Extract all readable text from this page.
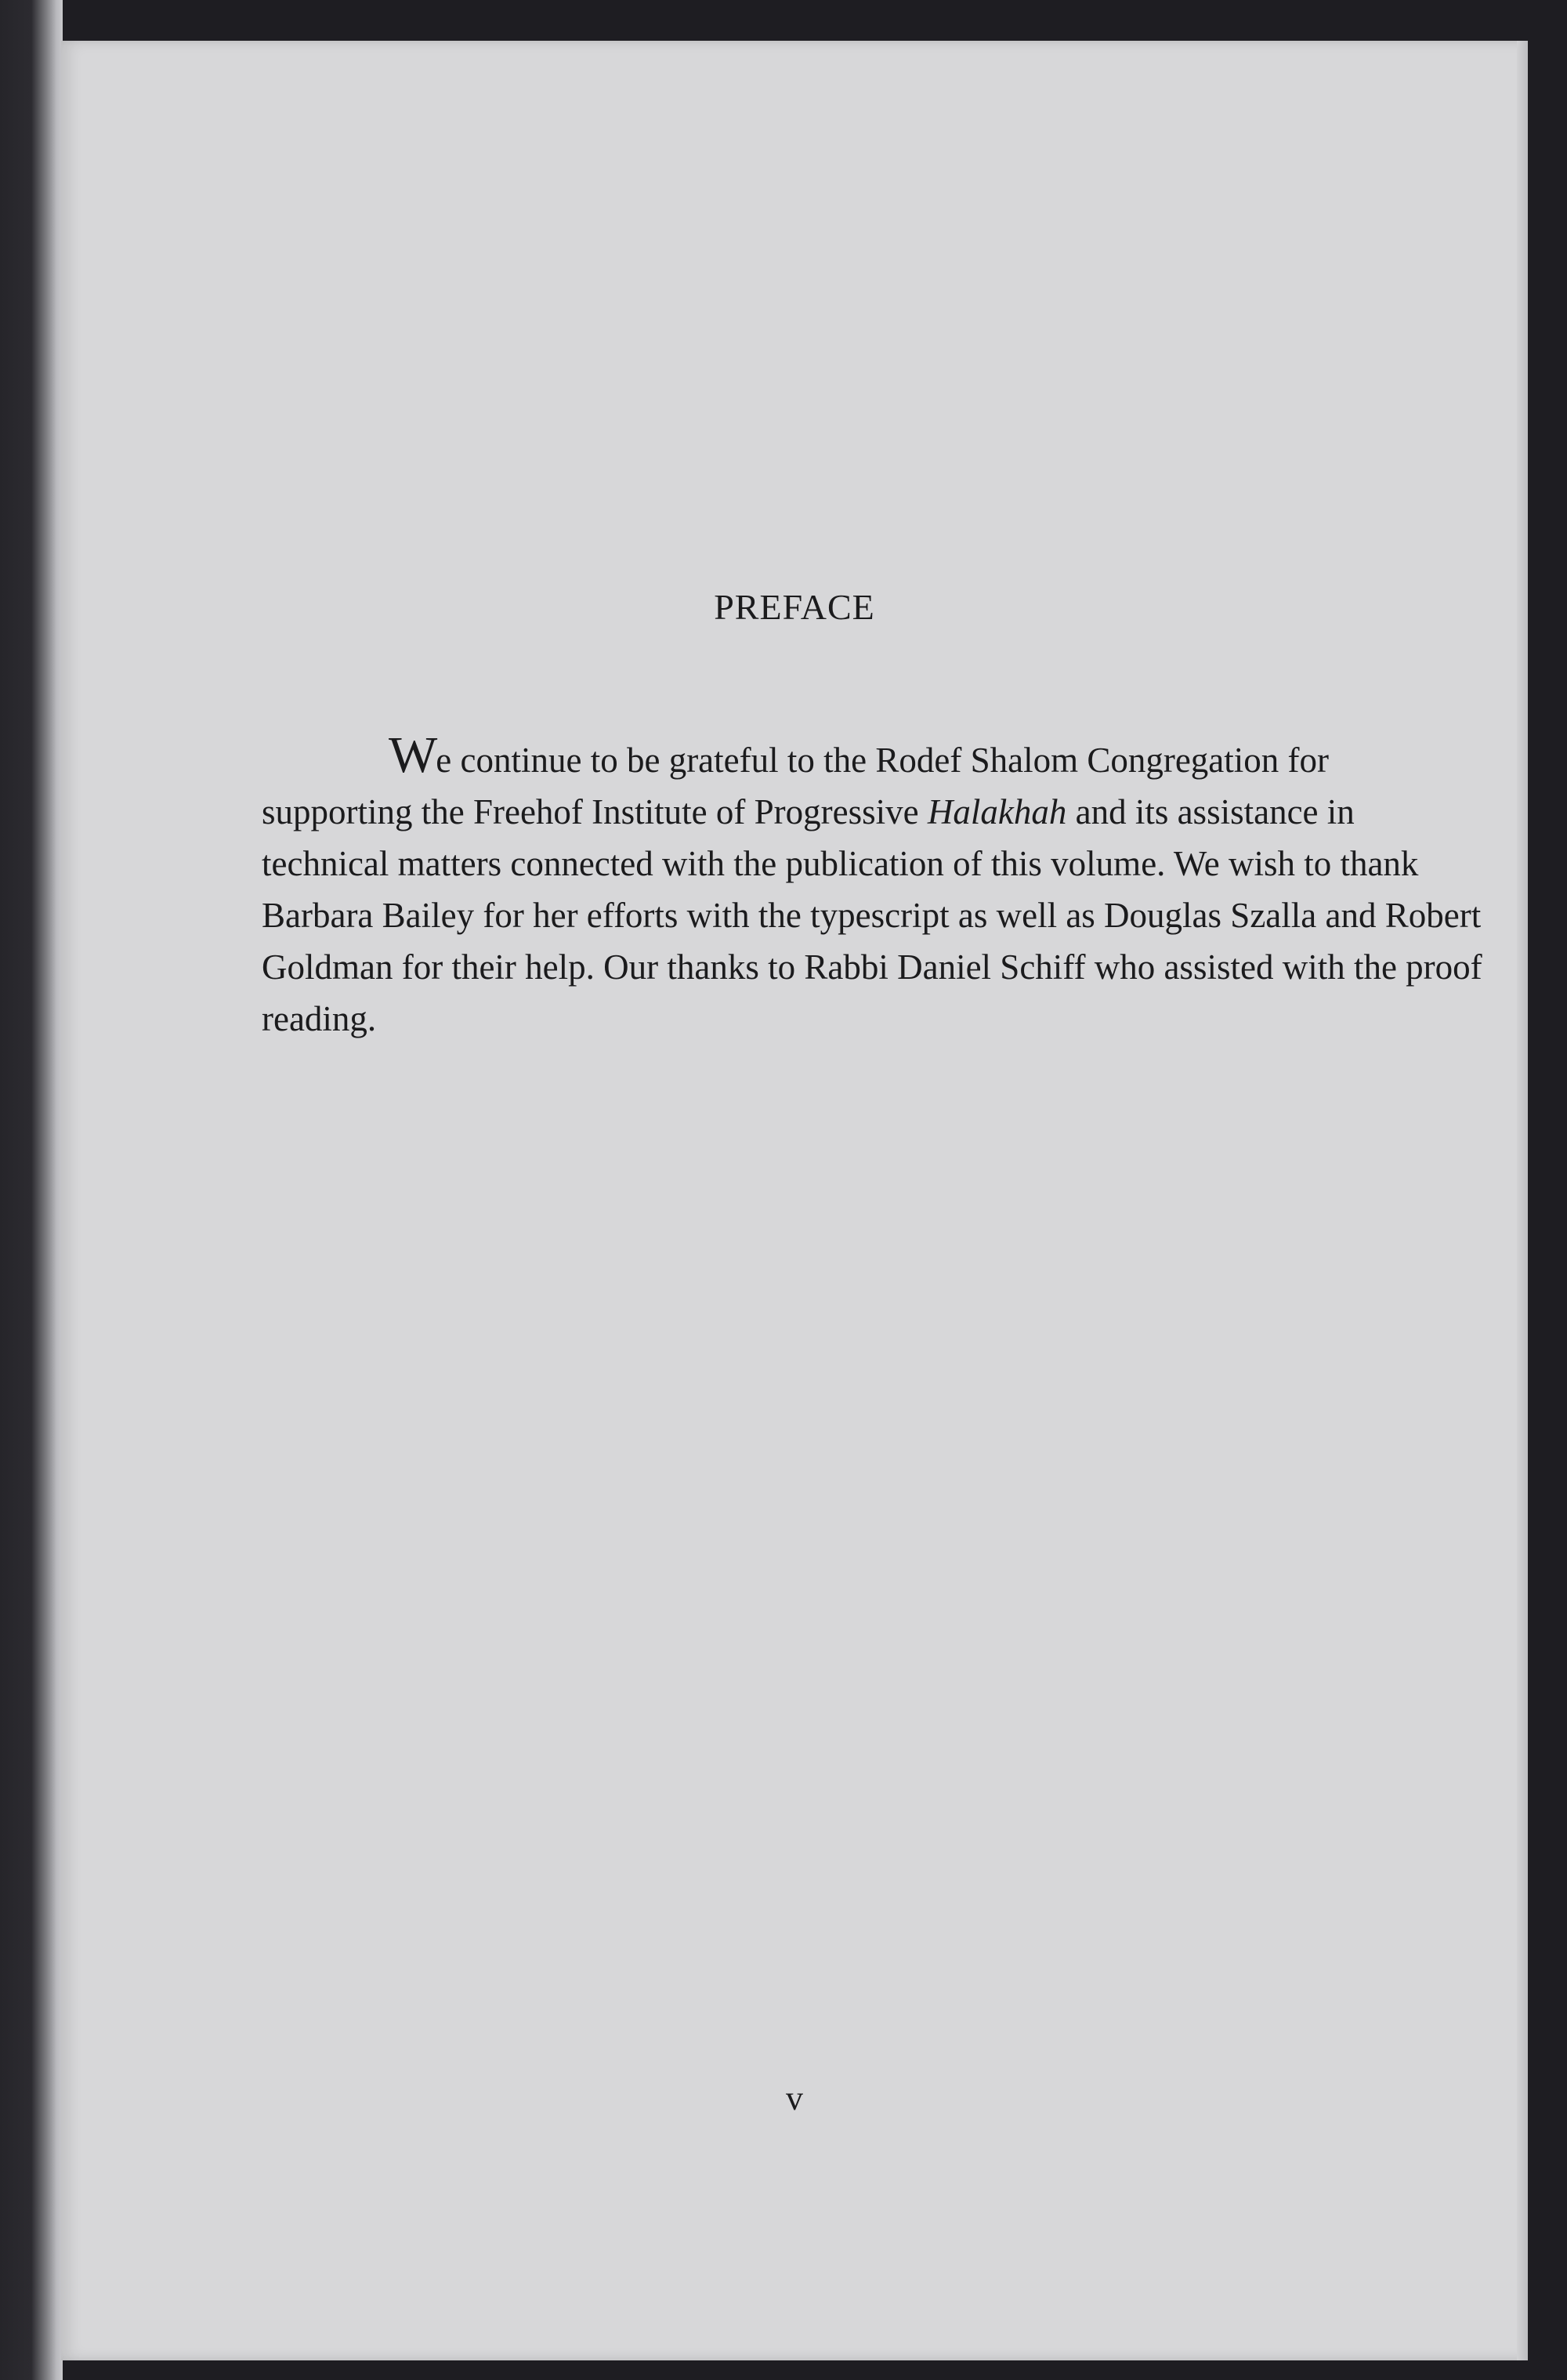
PREFACE

We continue to be grateful to the Rodef Shalom Congregation for supporting the Freehof Institute of Progressive Halakhah and its assistance in technical matters connected with the publication of this volume. We wish to thank Barbara Bailey for her efforts with the typescript as well as Douglas Szalla and Robert Goldman for their help. Our thanks to Rabbi Daniel Schiff who assisted with the proof reading.

v
